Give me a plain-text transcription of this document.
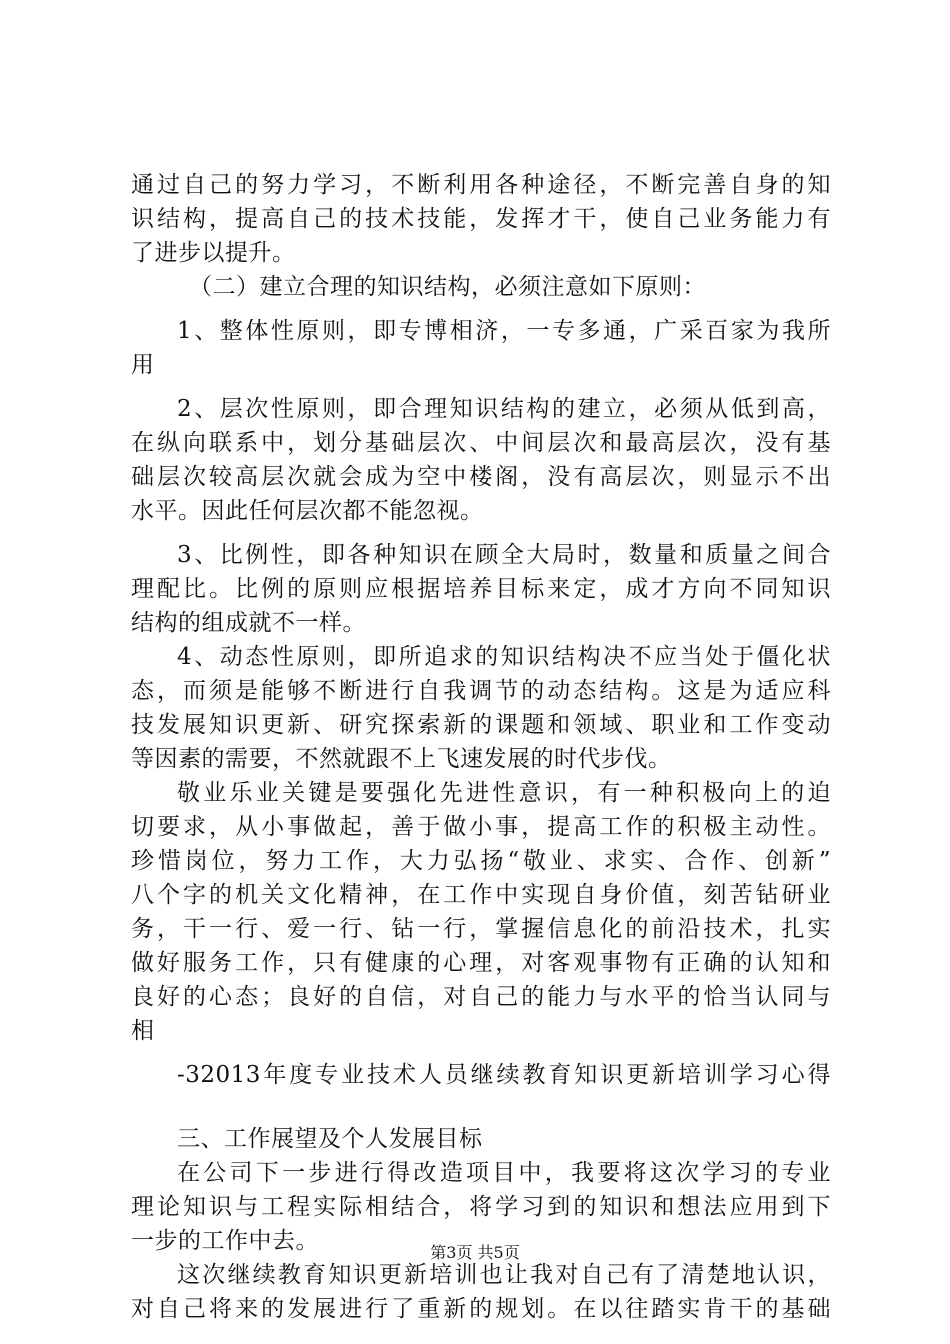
通过自己的努力学习，不断利用各种途径，不断完善自身的知
识结构，提高自己的技术技能，发挥才干，使自己业务能力有
了进步以提升。
（二）建立合理的知识结构，必须注意如下原则：
1、整体性原则，即专博相济，一专多通，广采百家为我所
用
2、层次性原则，即合理知识结构的建立，必须从低到高，
在纵向联系中，划分基础层次、中间层次和最高层次，没有基
础层次较高层次就会成为空中楼阁，没有高层次，则显示不出
水平。因此任何层次都不能忽视。
3、比例性，即各种知识在顾全大局时，数量和质量之间合
理配比。比例的原则应根据培养目标来定，成才方向不同知识
结构的组成就不一样。
4、动态性原则，即所追求的知识结构决不应当处于僵化状
态，而须是能够不断进行自我调节的动态结构。这是为适应科
技发展知识更新、研究探索新的课题和领域、职业和工作变动
等因素的需要，不然就跟不上飞速发展的时代步伐。
敬业乐业关键是要强化先进性意识，有一种积极向上的迫
切要求，从小事做起，善于做小事，提高工作的积极主动性。
珍惜岗位，努力工作，大力弘扬“敬业、求实、合作、创新”
八个字的机关文化精神，在工作中实现自身价值，刻苦钻研业
务，干一行、爱一行、钻一行，掌握信息化的前沿技术，扎实
做好服务工作，只有健康的心理，对客观事物有正确的认知和
良好的心态；良好的自信，对自己的能力与水平的恰当认同与
相
-32013年度专业技术人员继续教育知识更新培训学习心得
三、工作展望及个人发展目标
在公司下一步进行得改造项目中，我要将这次学习的专业
理论知识与工程实际相结合，将学习到的知识和想法应用到下
一步的工作中去。
这次继续教育知识更新培训也让我对自己有了清楚地认识，
对自己将来的发展进行了重新的规划。在以往踏实肯干的基础
第3页 共5页
